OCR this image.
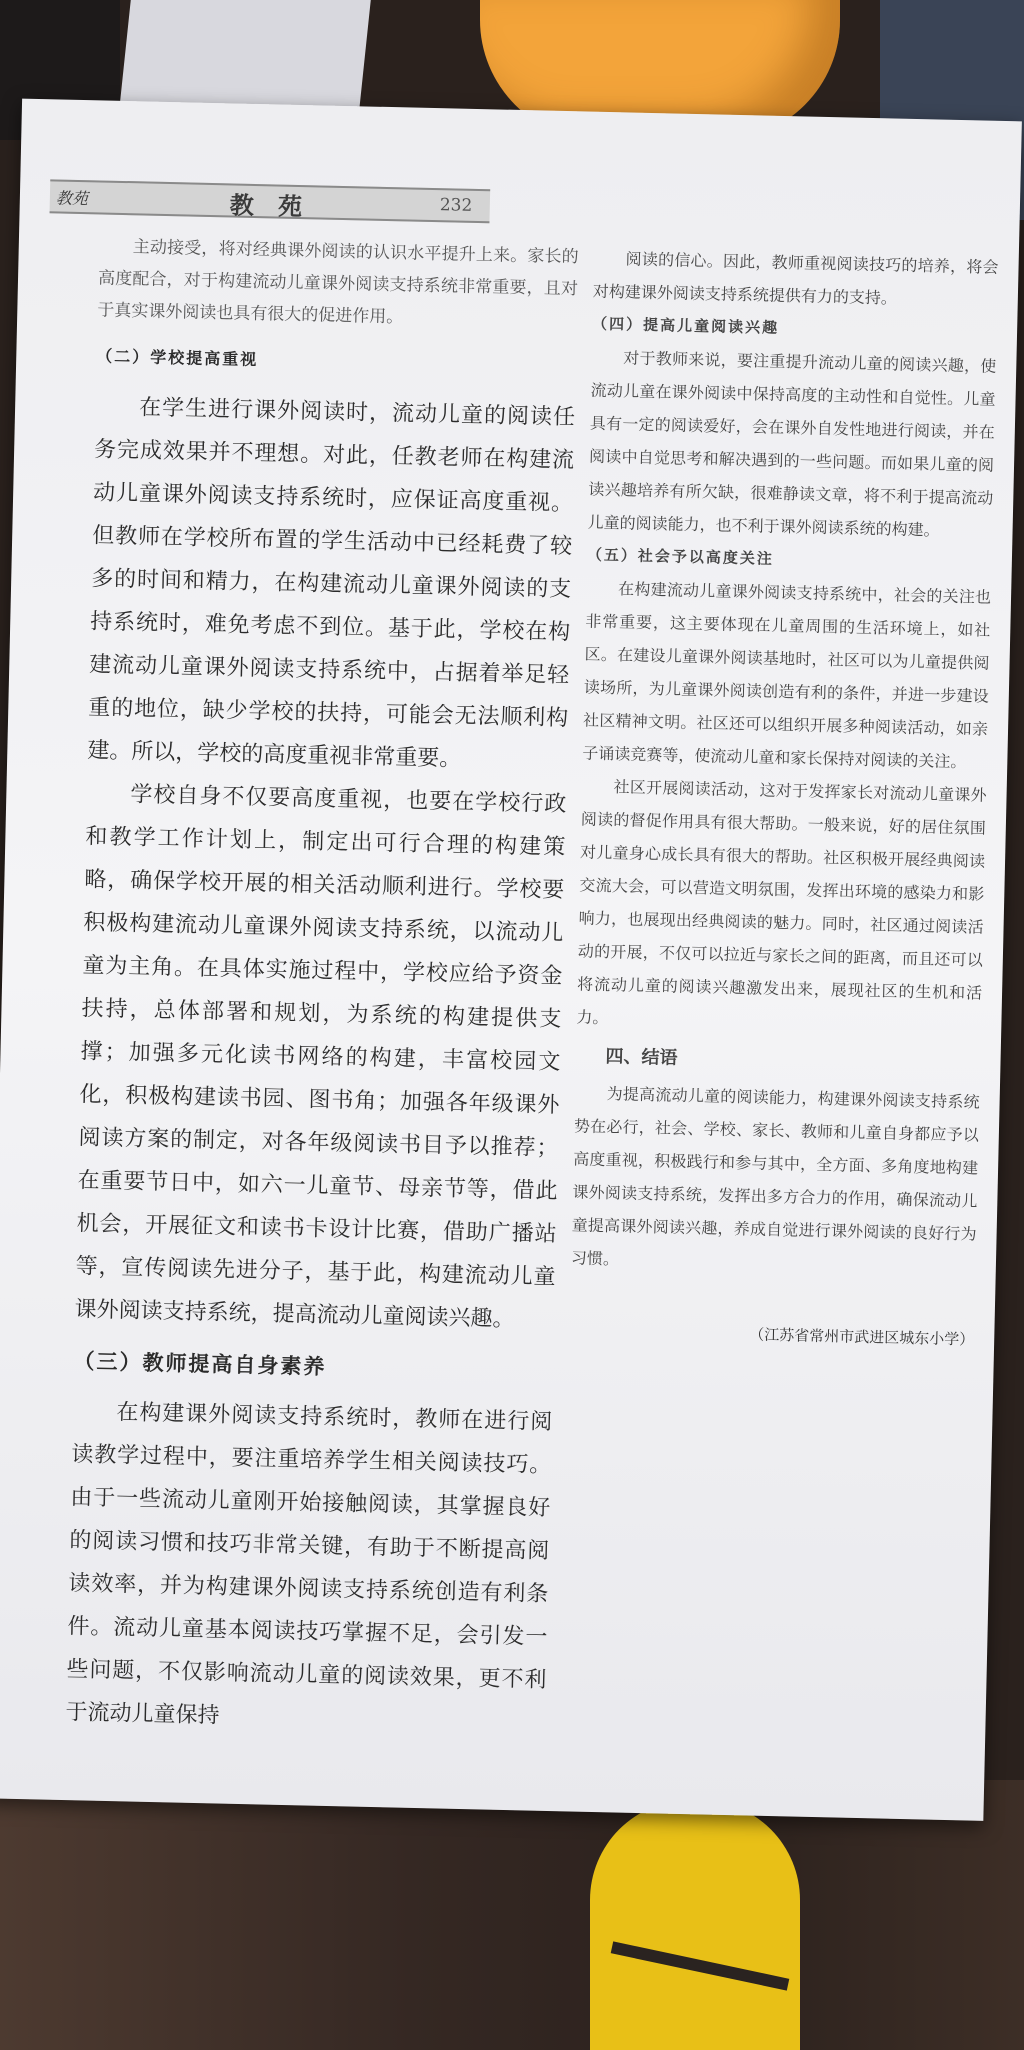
教苑	教 苑	232

主动接受，将对经典课外阅读的认识水平提升上来。家长的高度配合，对于构建流动儿童课外阅读支持系统非常重要，且对于真实课外阅读也具有很大的促进作用。

（二）学校提高重视

在学生进行课外阅读时，流动儿童的阅读任务完成效果并不理想。对此，任教老师在构建流动儿童课外阅读支持系统时，应保证高度重视。但教师在学校所布置的学生活动中已经耗费了较多的时间和精力，在构建流动儿童课外阅读的支持系统时，难免考虑不到位。基于此，学校在构建流动儿童课外阅读支持系统中，占据着举足轻重的地位，缺少学校的扶持，可能会无法顺利构建。所以，学校的高度重视非常重要。

学校自身不仅要高度重视，也要在学校行政和教学工作计划上，制定出可行合理的构建策略，确保学校开展的相关活动顺利进行。学校要积极构建流动儿童课外阅读支持系统，以流动儿童为主角。在具体实施过程中，学校应给予资金扶持，总体部署和规划，为系统的构建提供支撑；加强多元化读书网络的构建，丰富校园文化，积极构建读书园、图书角；加强各年级课外阅读方案的制定，对各年级阅读书目予以推荐；在重要节日中，如六一儿童节、母亲节等，借此机会，开展征文和读书卡设计比赛，借助广播站等，宣传阅读先进分子，基于此，构建流动儿童课外阅读支持系统，提高流动儿童阅读兴趣。

（三）教师提高自身素养

在构建课外阅读支持系统时，教师在进行阅读教学过程中，要注重培养学生相关阅读技巧。由于一些流动儿童刚开始接触阅读，其掌握良好的阅读习惯和技巧非常关键，有助于不断提高阅读效率，并为构建课外阅读支持系统创造有利条件。流动儿童基本阅读技巧掌握不足，会引发一些问题，不仅影响流动儿童的阅读效果，更不利于流动儿童保持

阅读的信心。因此，教师重视阅读技巧的培养，将会对构建课外阅读支持系统提供有力的支持。

（四）提高儿童阅读兴趣

对于教师来说，要注重提升流动儿童的阅读兴趣，使流动儿童在课外阅读中保持高度的主动性和自觉性。儿童具有一定的阅读爱好，会在课外自发性地进行阅读，并在阅读中自觉思考和解决遇到的一些问题。而如果儿童的阅读兴趣培养有所欠缺，很难静读文章，将不利于提高流动儿童的阅读能力，也不利于课外阅读系统的构建。

（五）社会予以高度关注

在构建流动儿童课外阅读支持系统中，社会的关注也非常重要，这主要体现在儿童周围的生活环境上，如社区。在建设儿童课外阅读基地时，社区可以为儿童提供阅读场所，为儿童课外阅读创造有利的条件，并进一步建设社区精神文明。社区还可以组织开展多种阅读活动，如亲子诵读竞赛等，使流动儿童和家长保持对阅读的关注。

社区开展阅读活动，这对于发挥家长对流动儿童课外阅读的督促作用具有很大帮助。一般来说，好的居住氛围对儿童身心成长具有很大的帮助。社区积极开展经典阅读交流大会，可以营造文明氛围，发挥出环境的感染力和影响力，也展现出经典阅读的魅力。同时，社区通过阅读活动的开展，不仅可以拉近与家长之间的距离，而且还可以将流动儿童的阅读兴趣激发出来，展现社区的生机和活力。

四、结语

为提高流动儿童的阅读能力，构建课外阅读支持系统势在必行，社会、学校、家长、教师和儿童自身都应予以高度重视，积极践行和参与其中，全方面、多角度地构建课外阅读支持系统，发挥出多方合力的作用，确保流动儿童提高课外阅读兴趣，养成自觉进行课外阅读的良好行为习惯。

（江苏省常州市武进区城东小学）
